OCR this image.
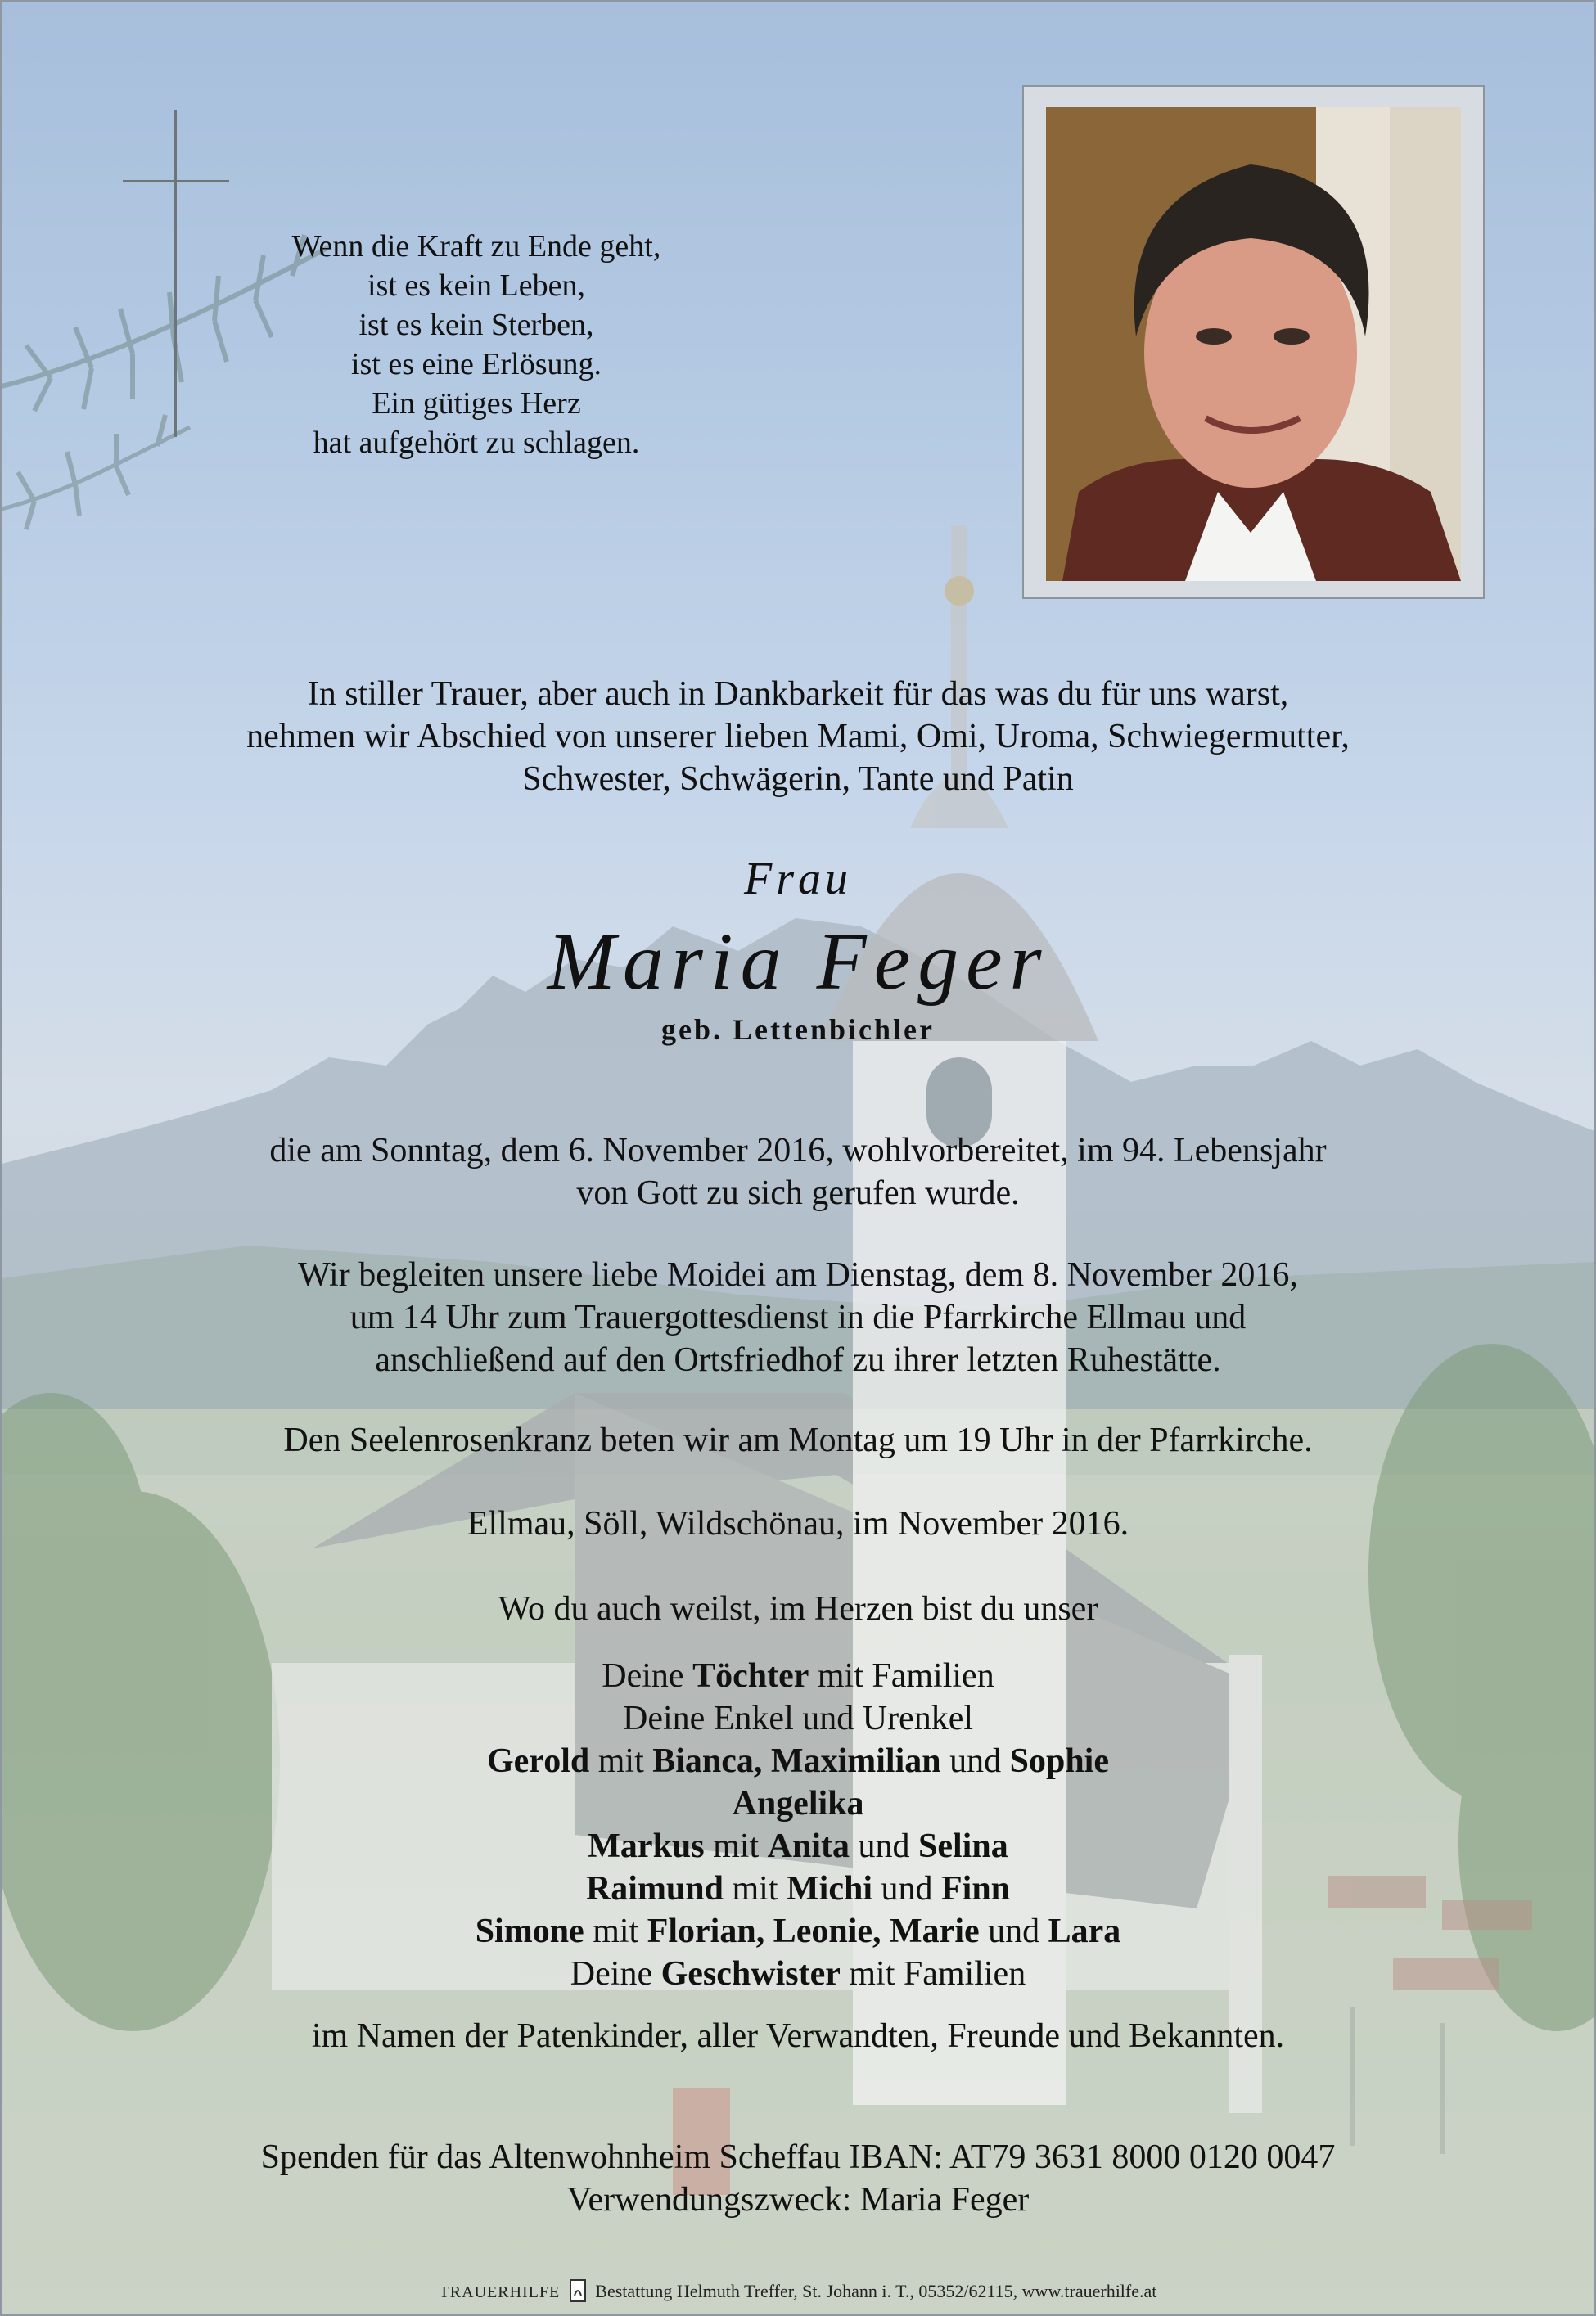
Wenn die Kraft zu Ende geht,
ist es kein Leben,
ist es kein Sterben,
ist es eine Erlösung.
Ein gütiges Herz
hat aufgehört zu schlagen.
In stiller Trauer, aber auch in Dankbarkeit für das was du für uns warst,
nehmen wir Abschied von unserer lieben Mami, Omi, Uroma, Schwiegermutter,
Schwester, Schwägerin, Tante und Patin
Frau
Maria Feger
geb. Lettenbichler
die am Sonntag, dem 6. November 2016, wohlvorbereitet, im 94. Lebensjahr
von Gott zu sich gerufen wurde.
Wir begleiten unsere liebe Moidei am Dienstag, dem 8. November 2016,
um 14 Uhr zum Trauergottesdienst in die Pfarrkirche Ellmau und
anschließend auf den Ortsfriedhof zu ihrer letzten Ruhestätte.
Den Seelenrosenkranz beten wir am Montag um 19 Uhr in der Pfarrkirche.
Ellmau, Söll, Wildschönau, im November 2016.
Wo du auch weilst, im Herzen bist du unser
Deine Töchter mit Familien
Deine Enkel und Urenkel
Gerold mit Bianca, Maximilian und Sophie
Angelika
Markus mit Anita und Selina
Raimund mit Michi und Finn
Simone mit Florian, Leonie, Marie und Lara
Deine Geschwister mit Familien
im Namen der Patenkinder, aller Verwandten, Freunde und Bekannten.
Spenden für das Altenwohnheim Scheffau IBAN: AT79 3631 8000 0120 0047
Verwendungszweck: Maria Feger
TRAUERHILFE Bestattung Helmuth Treffer, St. Johann i. T., 05352/62115, www.trauerhilfe.at
